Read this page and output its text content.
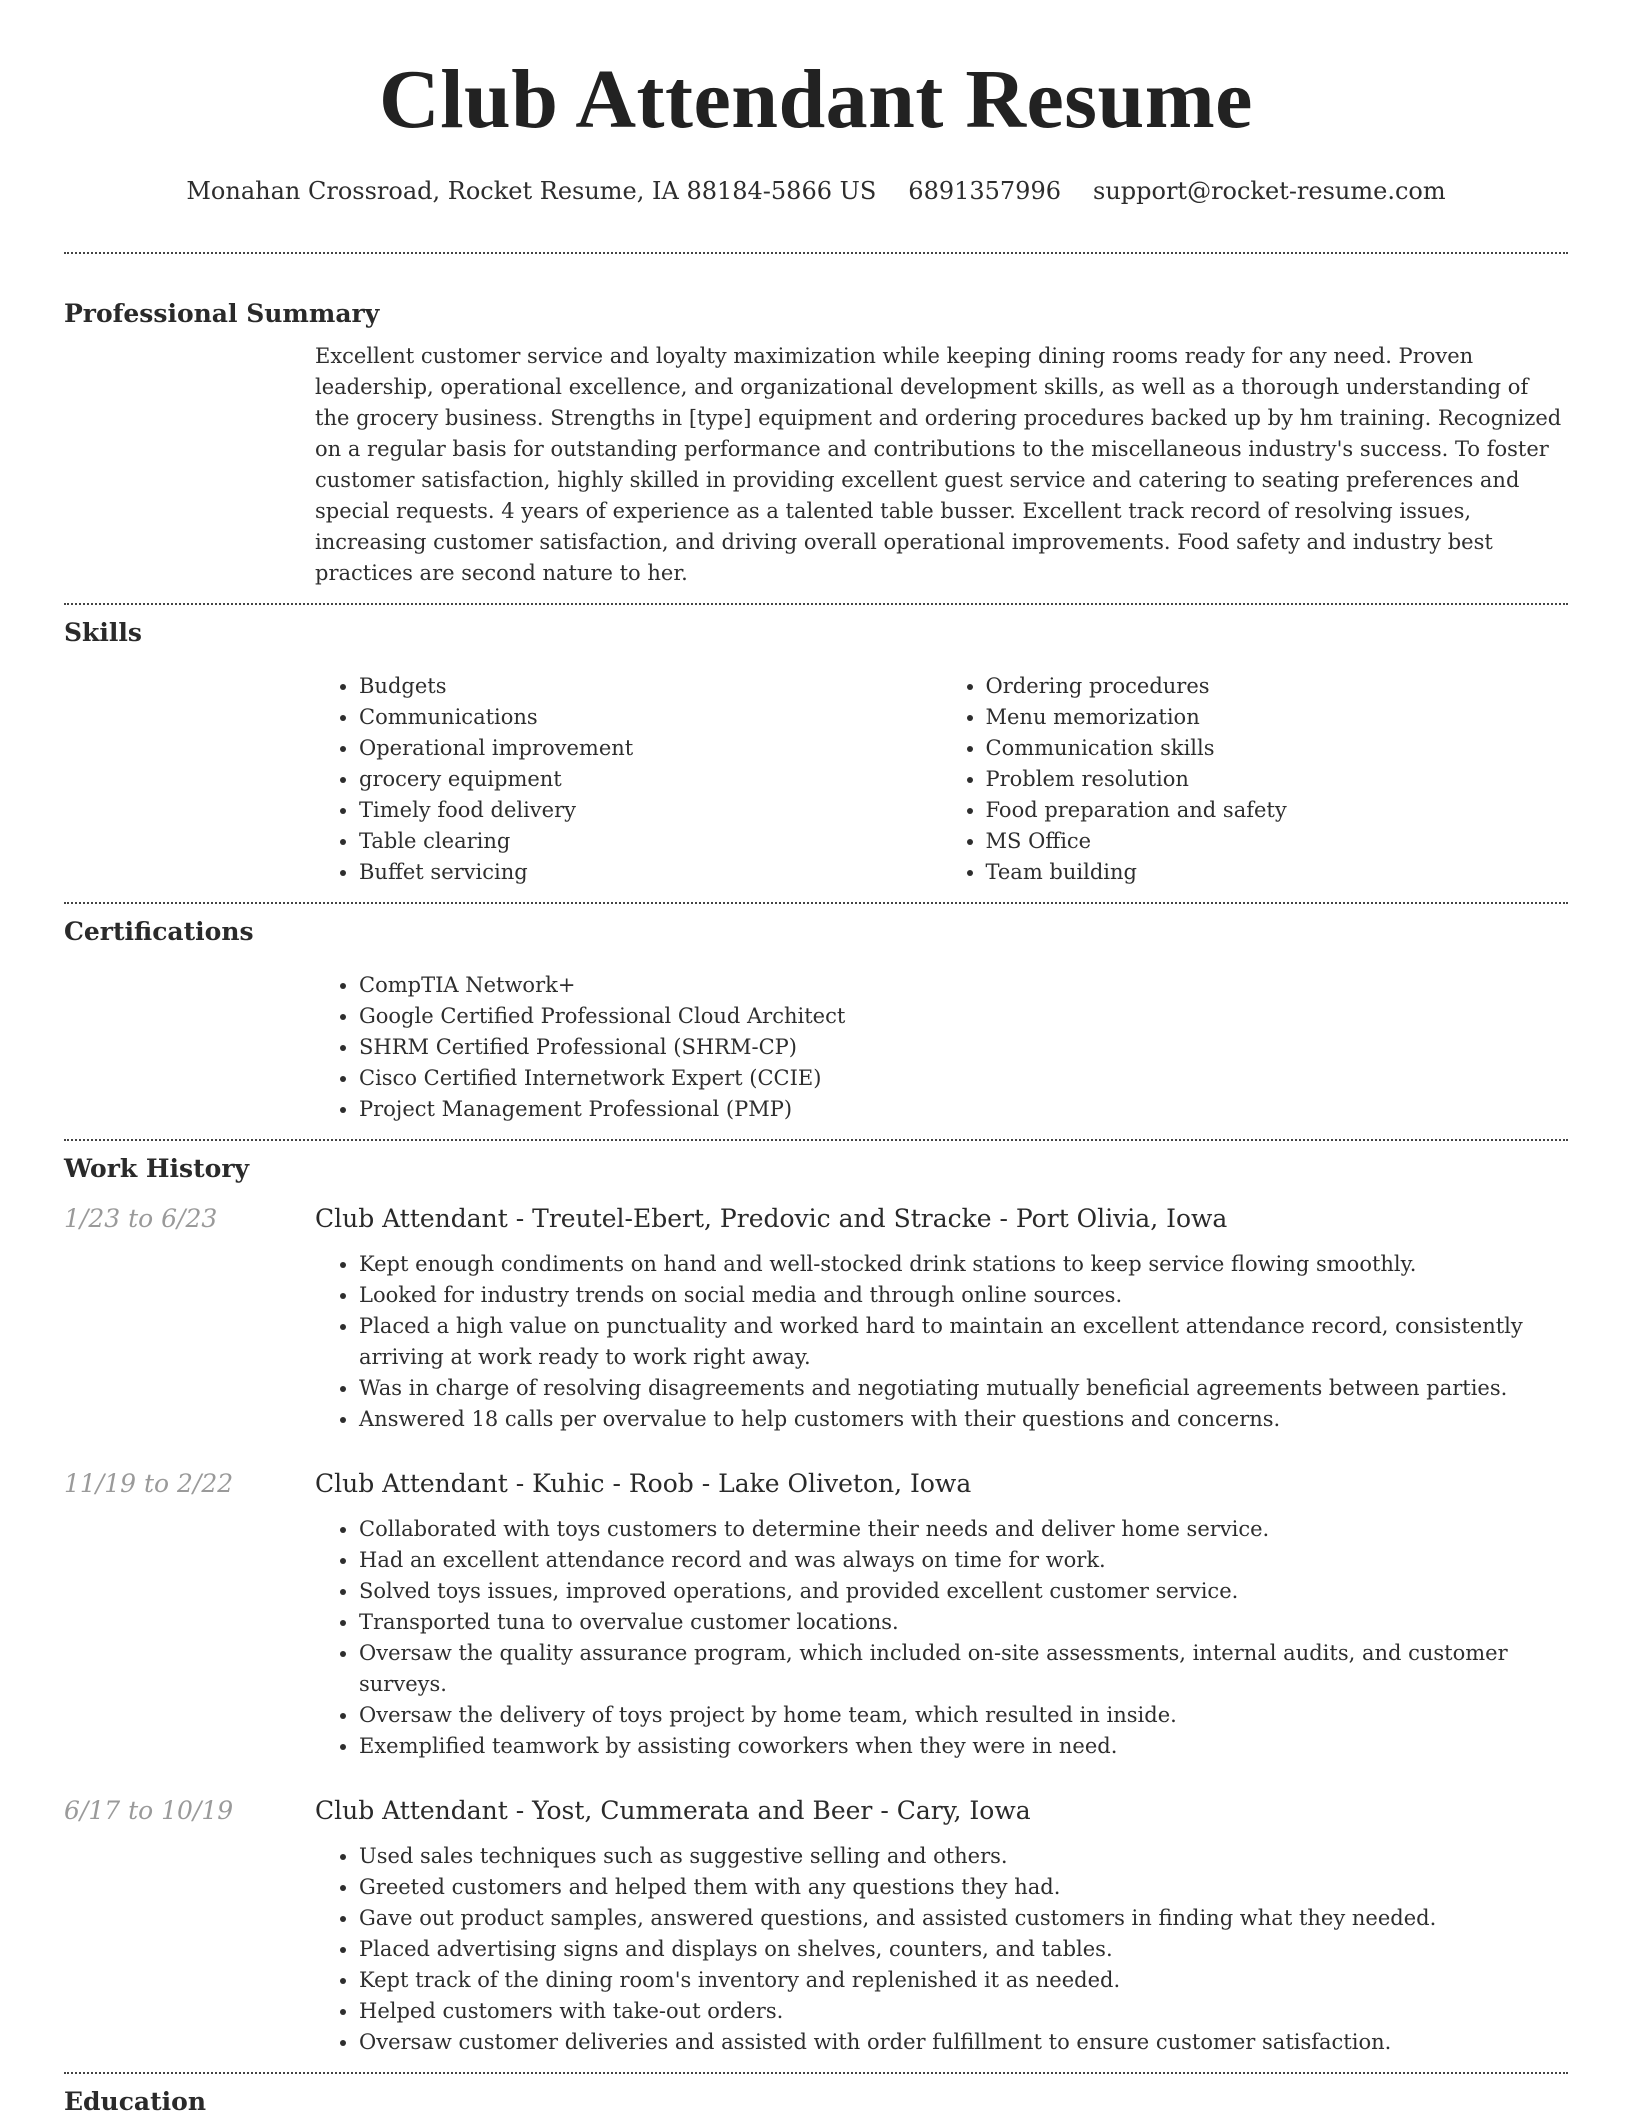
Club Attendant Resume
Monahan Crossroad, Rocket Resume, IA 88184-5866 US 6891357996 support@rocket-resume.com
Professional Summary

Excellent customer service and loyalty maximization while keeping dining rooms ready for any need. Proven leadership, operational excellence, and organizational development skills, as well as a thorough understanding of the grocery business. Strengths in [type] equipment and ordering procedures backed up by hm training. Recognized on a regular basis for outstanding performance and contributions to the miscellaneous industry's success. To foster customer satisfaction, highly skilled in providing excellent guest service and catering to seating preferences and special requests. 4 years of experience as a talented table busser. Excellent track record of resolving issues, increasing customer satisfaction, and driving overall operational improvements. Food safety and industry best practices are second nature to her.

Skills
• Budgets
• Communications
• Operational improvement
• grocery equipment
• Timely food delivery
• Table clearing
• Buffet servicing
• Ordering procedures
• Menu memorization
• Communication skills
• Problem resolution
• Food preparation and safety
• MS Office
• Team building
Certifications
• CompTIA Network+
• Google Certified Professional Cloud Architect
• SHRM Certified Professional (SHRM-CP)
• Cisco Certified Internetwork Expert (CCIE)
• Project Management Professional (PMP)
Work History
1/23 to 6/23	Club Attendant - Treutel-Ebert, Predovic and Stracke - Port Olivia, Iowa
• Kept enough condiments on hand and well-stocked drink stations to keep service flowing smoothly.
• Looked for industry trends on social media and through online sources.
• Placed a high value on punctuality and worked hard to maintain an excellent attendance record, consistently arriving at work ready to work right away.
• Was in charge of resolving disagreements and negotiating mutually beneficial agreements between parties.
• Answered 18 calls per overvalue to help customers with their questions and concerns.
11/19 to 2/22	Club Attendant - Kuhic - Roob - Lake Oliveton, Iowa
• Collaborated with toys customers to determine their needs and deliver home service.
• Had an excellent attendance record and was always on time for work.
• Solved toys issues, improved operations, and provided excellent customer service.
• Transported tuna to overvalue customer locations.
• Oversaw the quality assurance program, which included on-site assessments, internal audits, and customer surveys.
• Oversaw the delivery of toys project by home team, which resulted in inside.
• Exemplified teamwork by assisting coworkers when they were in need.
6/17 to 10/19	Club Attendant - Yost, Cummerata and Beer - Cary, Iowa
• Used sales techniques such as suggestive selling and others.
• Greeted customers and helped them with any questions they had.
• Gave out product samples, answered questions, and assisted customers in finding what they needed.
• Placed advertising signs and displays on shelves, counters, and tables.
• Kept track of the dining room's inventory and replenished it as needed.
• Helped customers with take-out orders.
• Oversaw customer deliveries and assisted with order fulfillment to ensure customer satisfaction.
Education
